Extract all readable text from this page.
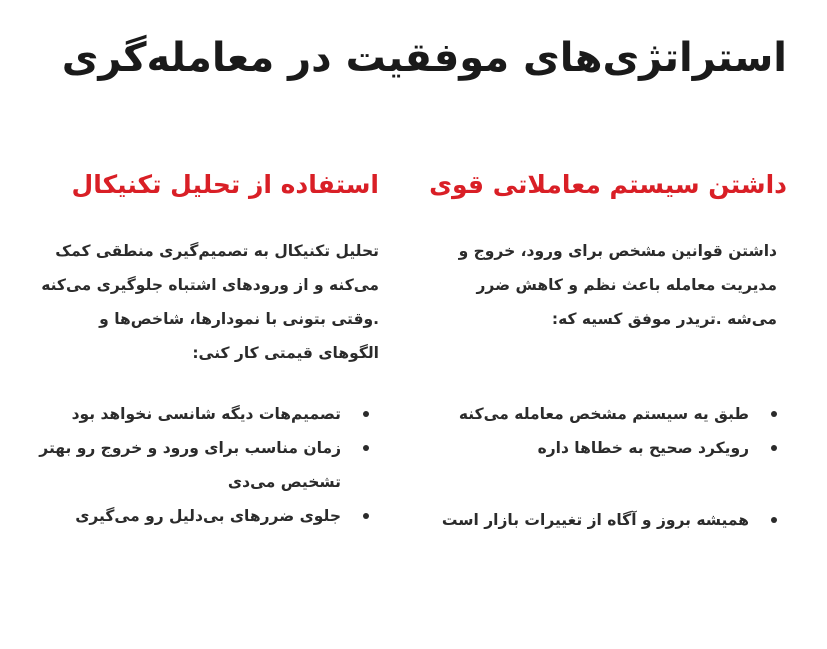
استراتژی‌های موفقیت در معامله‌گری
داشتن سیستم معاملاتی قوی
داشتن قوانین مشخص برای ورود، خروج و مدیریت معامله باعث نظم و کاهش ضرر می‌شه .تریدر موفق کسیه که:
طبق یه سیستم مشخص معامله می‌کنه
رویکرد صحیح به خطاها داره
همیشه بروز و آگاه از تغییرات بازار است
استفاده از تحلیل تکنیکال
تحلیل تکنیکال به تصمیم‌گیری منطقی کمک می‌کنه و از ورودهای اشتباه جلوگیری می‌کنه .وقتی بتونی با نمودارها، شاخص‌ها و الگوهای قیمتی کار کنی:
تصمیم‌هات دیگه شانسی نخواهد بود
زمان مناسب برای ورود و خروج رو بهتر تشخیص می‌دی
جلوی ضررهای بی‌دلیل رو می‌گیری
